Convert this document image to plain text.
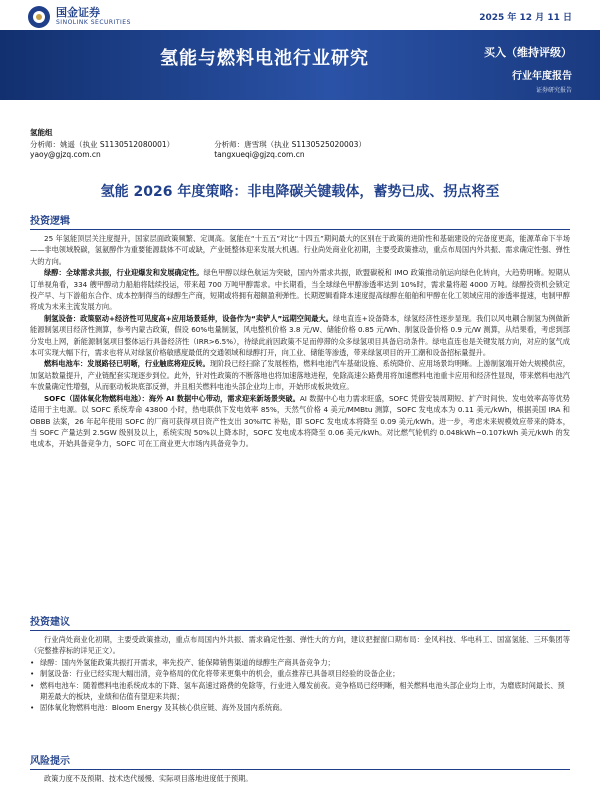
国金证券
SINOLINK SECURITIES	2025 年 12 月 11 日
氢能与燃料电池行业研究	买入（维持评级）
行业年度报告
证券研究报告
氢能组
分析师：姚遥（执业 S1130512080001）
yaoy@gjzq.com.cn
分析师：唐雪琪（执业 S1130525020003）
tangxueqi@gjzq.com.cn
氢能 2026 年度策略：非电降碳关键载体，蓄势已成、拐点将至
投资逻辑

25 年氢能顶层关注度提升，国家层面政策频繁、定调高。氢能在“十五五”对比“十四五”期间最大的区别在于政策的进阶性和基础建设的完备度更高，能源革命下半场——非电领域脱碳，氢氨醇作为重要能源载体不可或缺，产业链整体迎来发展大机遇。行业尚处商业化初期，主要受政策推动，重点布局国内外共振、需求确定性强、弹性大的方向。

绿醇：全球需求共振，行业迎爆发和发展确定性。绿色甲醇以绿色航运为突破，国内外需求共振，欧盟碳税和 IMO 政策推动航运向绿色化转向，大趋势明晰。短期从订单视角看，334 艘甲醇动力船舶将陆续投运，带来超 700 万吨甲醇需求。中长期看，当全球绿色甲醇渗透率达到 10%时，需求量将超 4000 万吨。绿醇投资机会锁定投产早、与下游船东合作、成本控制得当的绿醇生产商，短期或将拥有超额盈利弹性。长期逻辑看降本速度提高绿醇在船舶和甲醇在化工领域应用的渗透率提速，电制甲醇将成为未来主流发展方向。

制氢设备：政策驱动+经济性可见度高+应用场景延伸，设备作为“卖铲人”远期空间最大。绿电直连+设备降本，绿氢经济性逐步显现。我们以风电耦合制氢为例做新能源制氢项目经济性测算，参考内蒙古政策，假设 60%电量制氢，风电整机价格 3.8 元/W、储能价格 0.85 元/Wh、制氢设备价格 0.9 元/W 测算，从结果看，考虑到部分发电上网，新能源制氢项目整体运行具备经济性（IRR>6.5%），待绿此前因政策不足而停滞的众多绿氢项目具备启动条件。绿电直连也是关键发展方向，对应的氢气成本可实现大幅下行，需求也将从对绿氢价格敏感度最低的交通领域和绿醇打开，向工业、储能等渗透，带来绿氢项目的开工潮和设备招标量提升。

燃料电池车：发展路径已明晰，行业触底将迎反转。现阶段已经扫除了发展桎梏，燃料电池汽车基础设施、系统降价、应用场景均明晰。上游制氢端开始大规模供应，加氢站数量提升，产业链配套实现逐步到位。此外，针对性政策的不断落地也将加速落地进程，免除高速公路费用将加速燃料电池重卡应用和经济性显现，带来燃料电池汽车放量确定性增强，从而驱动板块底部反弹，并且相关燃料电池头部企业均上市，开始形成板块效应。

SOFC（固体氧化物燃料电池）：海外 AI 数据中心带动，需求迎来新场景突破。AI 数据中心电力需求旺盛，SOFC 凭借安装周期短、扩产时间快、发电效率高等优势适用于主电源。以 SOFC 系统寿命 43800 小时，热电联供下发电效率 85%，天然气价格 4 美元/MMBtu 测算，SOFC 发电成本为 0.11 美元/kWh，根据美国 IRA 和 OBBB 法案，26 年起年使用 SOFC 的厂商可获得项目资产性支出 30%ITC 补贴，即 SOFC 发电成本将降至 0.09 美元/kWh。进一步，考虑未来规模效应带来的降本，当 SOFC 产量达到 2.5GW 级别及以上，系统实现 50%以上降本时，SOFC 发电成本将降至 0.06 美元/kWh。对比燃气轮机约 0.048kWh~0.107kWh 美元/kWh 的发电成本，开始具备竞争力，SOFC 可在工商业更大市场内具备竞争力。

投资建议

行业尚处商业化初期，主要受政策推动，重点布局国内外共振、需求确定性强、弹性大的方向，建议把握窗口期布局：金风科技、华电科工、国富氢能、三环集团等（完整推荐标的详见正文）。

• 绿醇：国内外氢能政策共振打开需求，率先投产、能保障销售渠道的绿醇生产商具备竞争力；
• 制氢设备：行业已经实现大幅出清，竞争格局的优化将带来更集中的机会，重点推荐已具备项目经验的设备企业；
• 燃料电池车：随着燃料电池系统成本的下降、氢车高速过路费的免除等，行业进入爆发前夜。竞争格局已经明晰，相关燃料电池头部企业均上市，为磨底时间最长、预期差最大的板块，业绩和估值有望迎来共振；
• 固体氧化物燃料电池：Bloom Energy 及其核心供应链、海外及国内系统商。
风险提示

政策力度不及预期、技术迭代缓慢、实际项目落地进度低于预期。
